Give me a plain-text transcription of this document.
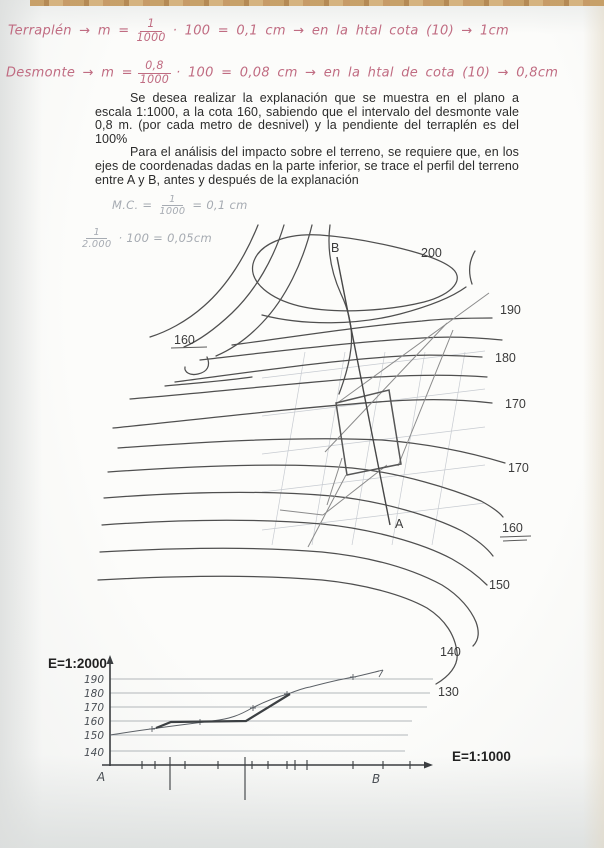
Terraplén → $m = \frac{1}{1000} \cdot 100 = 0,1$ cm → en la htal cota (10) → 1cm
Desmonte → $m = \frac{0,8}{1000} \cdot 100 = 0,08$ cm → en la htal de cota (10) → 0,8cm

Se desea realizar la explanación que se muestra en el plano a escala 1:1000, a la cota 160, sabiendo que el intervalo del desmonte vale 0,8 m. (por cada metro de desnivel) y la pendiente del terraplén es del 100%

Para el análisis del impacto sobre el terreno, se requiere que, en los ejes de coordenadas dadas en la parte inferior, se trace el perfil del terreno entre A y B, antes y después de la explanación

M.C. = $\frac{1}{1000} = 0,1$ cm
$\frac{1}{2.000} \cdot 100 = 0,05cm$
B	200
190
160
180
170
170
A	160
150
140
130
E=1:2000
E=1:1000
190
180
170
160
150
140
A	B
